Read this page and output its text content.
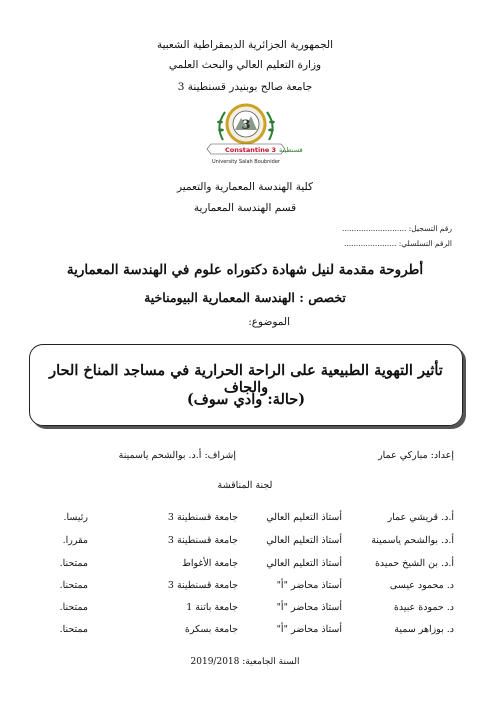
الجمهورية الجزائرية الديمقراطية الشعبية
وزارة التعليم العالي والبحث العلمي
جامعة صالح بوبنيدر قسنطينة 3
3
Constantine 3 قسنطينة
University Salah Boubnider
كلية الهندسة المعمارية والتعمير
قسم الهندسة المعمارية
رقم التسجيل: ...........................
الرقم التسلسلي: ......................
أطروحة مقدمة لنيل شهادة دكتوراه علوم في الهندسة المعمارية
تخصص : الهندسة المعمارية البيومناخية
الموضوع:
تأثير التهوية الطبيعية على الراحة الحرارية في مساجد المناخ الحار والجاف
(حالة: وادي سوف)
إعداد: مباركي عمار
إشراف: أ.د. بوالشحم ياسمينة
لجنة المناقشة
أ.د. قريشي عمار
أستاذ التعليم العالي
جامعة قسنطينة 3
رئيسا.
أ.د. بوالشحم ياسمينة
أستاذ التعليم العالي
جامعة قسنطينة 3
مقررا.
أ.د. بن الشيخ حميدة
أستاذ التعليم العالي
جامعة الأغواط
ممتحنا.
د. محمود عيسى
أستاذ محاضر "أ"
جامعة قسنطينة 3
ممتحنا.
د. حمودة عبيدة
أستاذ محاضر "أ"
جامعة باتنة 1
ممتحنا.
د. بوزاهر سمية
أستاذ محاضر "أ"
جامعة بسكرة
ممتحنا.
السنة الجامعية: 2019/2018
